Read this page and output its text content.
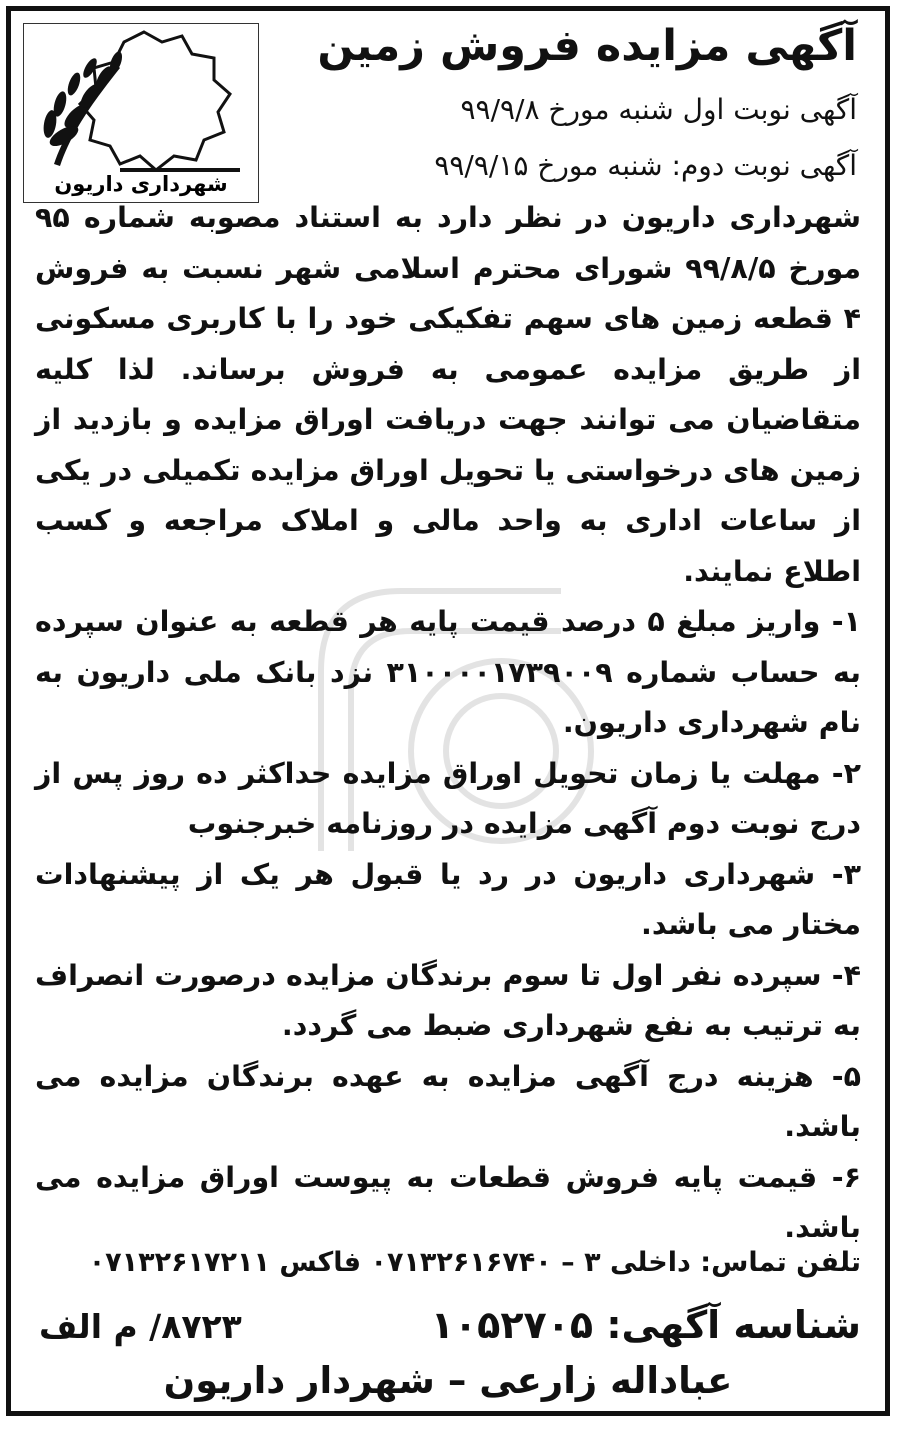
شهرداری داریون
آگهی مزایده فروش زمین
آگهی نوبت اول شنبه مورخ ۹۹/۹/۸
آگهی نوبت دوم: شنبه مورخ ۹۹/۹/۱۵

شهرداری داریون در نظر دارد به استناد مصوبه شماره ۹۵ مورخ ۹۹/۸/۵ شورای محترم اسلامی شهر نسبت به فروش ۴ قطعه زمین های سهم تفکیکی خود را با کاربری مسکونی از طریق مزایده عمومی به فروش برساند. لذا کلیه متقاضیان می توانند جهت دریافت اوراق مزایده و بازدید از زمین های درخواستی یا تحویل اوراق مزایده تکمیلی در یکی از ساعات اداری به واحد مالی و املاک مراجعه و کسب اطلاع نمایند.

۱- واریز مبلغ ۵ درصد قیمت پایه هر قطعه به عنوان سپرده به حساب شماره ۳۱۰۰۰۰۱۷۳۹۰۰۹ نزد بانک ملی داریون به نام شهرداری داریون.

۲- مهلت یا زمان تحویل اوراق مزایده حداکثر ده روز پس از درج نوبت دوم آگهی مزایده در روزنامه خبرجنوب

۳- شهرداری داریون در رد یا قبول هر یک از پیشنهادات مختار می باشد.

۴- سپرده نفر اول تا سوم برندگان مزایده درصورت انصراف به ترتیب به نفع شهرداری ضبط می گردد.

۵- هزینه درج آگهی مزایده به عهده برندگان مزایده می باشد.

۶- قیمت پایه فروش قطعات به پیوست اوراق مزایده می باشد.

تلفن تماس: داخلی ۳ – ۰۷۱۳۲۶۱۶۷۴۰ فاکس ۰۷۱۳۲۶۱۷۲۱۱
شناسه آگهی: ۱۰۵۲۷۰۵
۸۷۲۳/ م الف
عباداله زارعی – شهردار داریون
